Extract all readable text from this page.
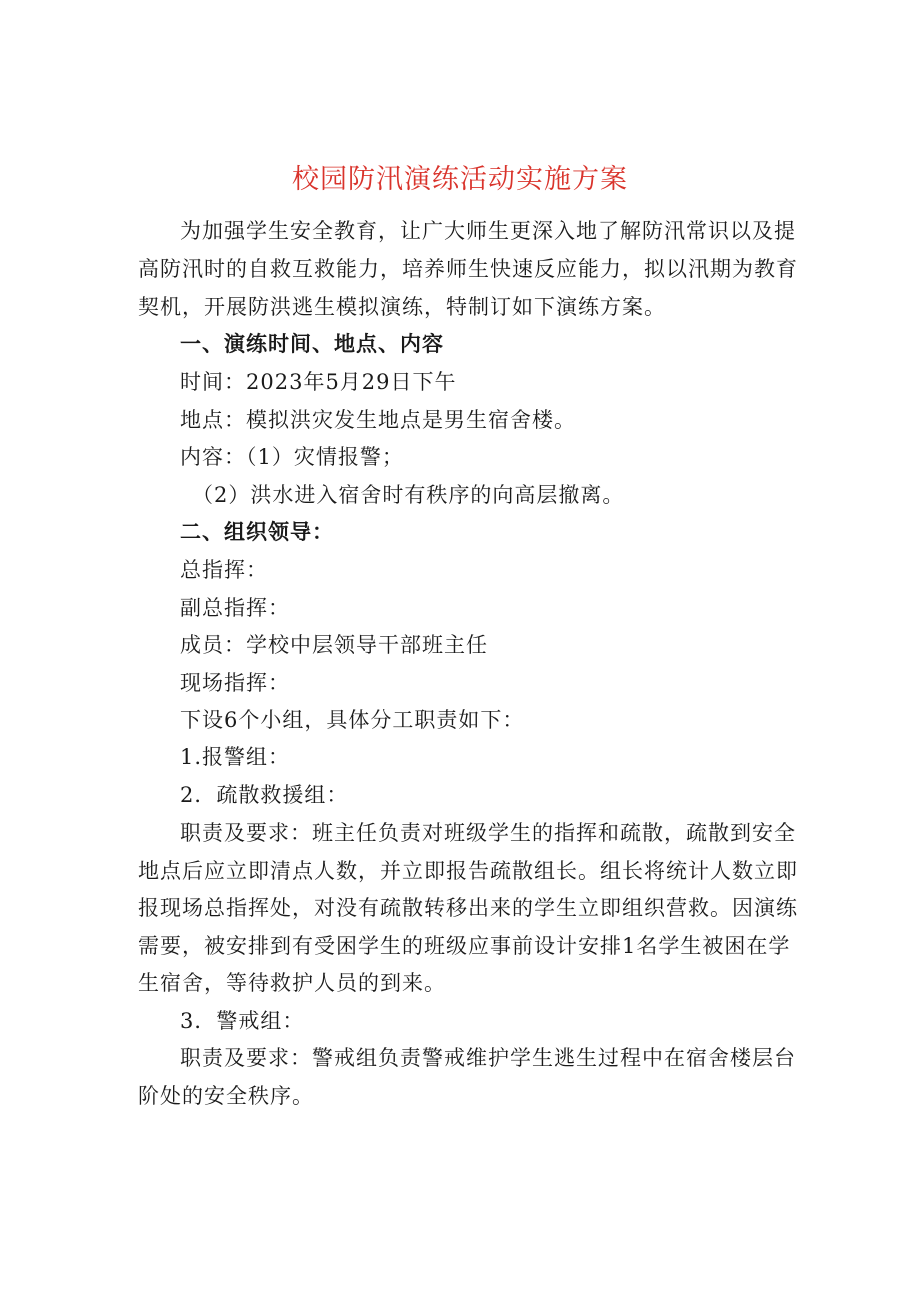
校园防汛演练活动实施方案
为加强学生安全教育，让广大师生更深入地了解防汛常识以及提
高防汛时的自救互救能力，培养师生快速反应能力，拟以汛期为教育
契机，开展防洪逃生模拟演练，特制订如下演练方案。
一、演练时间、地点、内容
时间：2023年5月29日下午
地点：模拟洪灾发生地点是男生宿舍楼。
内容：（1）灾情报警；
（2）洪水进入宿舍时有秩序的向高层撤离。
二、组织领导：
总指挥：
副总指挥：
成员：学校中层领导干部班主任
现场指挥：
下设6个小组，具体分工职责如下：
1.报警组：
2．疏散救援组：
职责及要求：班主任负责对班级学生的指挥和疏散，疏散到安全
地点后应立即清点人数，并立即报告疏散组长。组长将统计人数立即
报现场总指挥处，对没有疏散转移出来的学生立即组织营救。因演练
需要，被安排到有受困学生的班级应事前设计安排1名学生被困在学
生宿舍，等待救护人员的到来。
3．警戒组：
职责及要求：警戒组负责警戒维护学生逃生过程中在宿舍楼层台
阶处的安全秩序。
